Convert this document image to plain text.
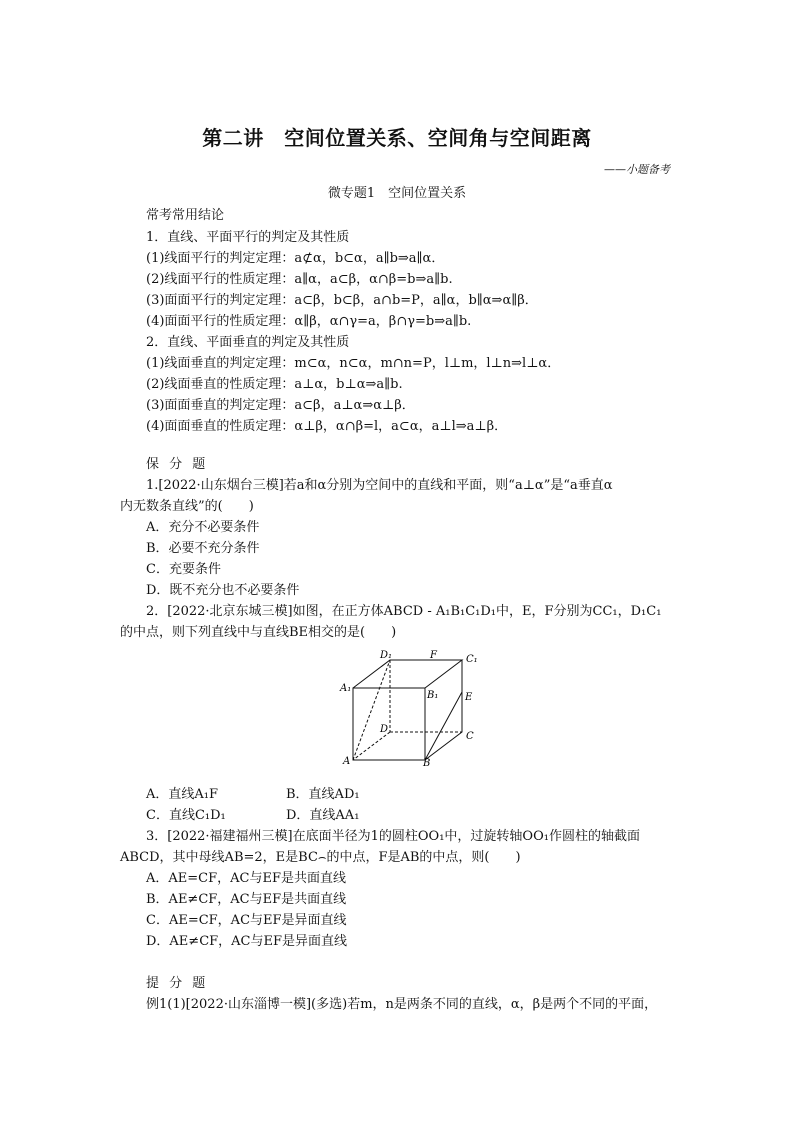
第二讲　空间位置关系、空间角与空间距离
——小题备考
微专题1　空间位置关系
常考常用结论
1．直线、平面平行的判定及其性质
(1)线面平行的判定定理：a⊄α，b⊂α，a∥b⇒a∥α．
(2)线面平行的性质定理：a∥α，a⊂β，α∩β=b⇒a∥b.
(3)面面平行的判定定理：a⊂β，b⊂β，a∩b=P，a∥α，b∥α⇒α∥β．
(4)面面平行的性质定理：α∥β，α∩γ=a，β∩γ=b⇒a∥b.
2．直线、平面垂直的判定及其性质
(1)线面垂直的判定定理：m⊂α，n⊂α，m∩n=P，l⊥m，l⊥n⇒l⊥α．
(2)线面垂直的性质定理：a⊥α，b⊥α⇒a∥b.
(3)面面垂直的判定定理：a⊂β，a⊥α⇒α⊥β．
(4)面面垂直的性质定理：α⊥β，α∩β=l，a⊂α，a⊥l⇒a⊥β．
保 分 题
1.[2022·山东烟台三模]若a和α分别为空间中的直线和平面，则“a⊥α”是“a垂直α
内无数条直线”的(　　)
A．充分不必要条件
B．必要不充分条件
C．充要条件
D．既不充分也不必要条件
2．[2022·北京东城三模]如图，在正方体ABCD - A₁B₁C₁D₁中，E，F分别为CC₁，D₁C₁
的中点，则下列直线中与直线BE相交的是(　　)
D₁	F	C₁
A₁
B₁	E
D
C
A	B
A．直线A₁F	B．直线AD₁
C．直线C₁D₁	D．直线AA₁
3．[2022·福建福州三模]在底面半径为1的圆柱OO₁中，过旋转轴OO₁作圆柱的轴截面
ABCD，其中母线AB=2，E是BC⌢的中点，F是AB的中点，则(　　)
A．AE=CF，AC与EF是共面直线
B．AE≠CF，AC与EF是共面直线
C．AE=CF，AC与EF是异面直线
D．AE≠CF，AC与EF是异面直线
提 分 题
例1(1)[2022·山东淄博一模](多选)若m，n是两条不同的直线，α，β是两个不同的平面，
